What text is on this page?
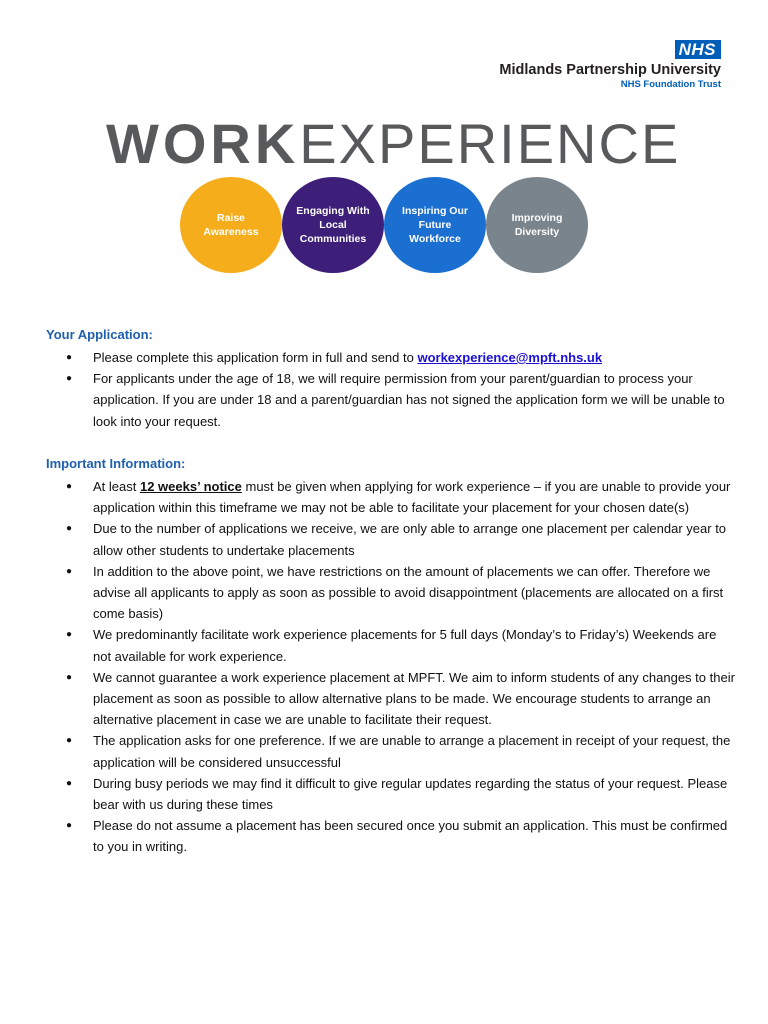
NHS
Midlands Partnership University
NHS Foundation Trust
WORKEXPERIENCE
Raise Awareness
Engaging With Local Communities
Inspiring Our Future Workforce
Improving Diversity
Your Application:
● Please complete this application form in full and send to workexperience@mpft.nhs.uk
● For applicants under the age of 18, we will require permission from your parent/guardian to process your application. If you are under 18 and a parent/guardian has not signed the application form we will be unable to look into your request.
Important Information:
● At least 12 weeks’ notice must be given when applying for work experience – if you are unable to provide your application within this timeframe we may not be able to facilitate your placement for your chosen date(s)
● Due to the number of applications we receive, we are only able to arrange one placement per calendar year to allow other students to undertake placements
● In addition to the above point, we have restrictions on the amount of placements we can offer. Therefore we advise all applicants to apply as soon as possible to avoid disappointment (placements are allocated on a first come basis)
● We predominantly facilitate work experience placements for 5 full days (Monday’s to Friday’s) Weekends are not available for work experience.
● We cannot guarantee a work experience placement at MPFT. We aim to inform students of any changes to their placement as soon as possible to allow alternative plans to be made. We encourage students to arrange an alternative placement in case we are unable to facilitate their request.
● The application asks for one preference. If we are unable to arrange a placement in receipt of your request, the application will be considered unsuccessful
● During busy periods we may find it difficult to give regular updates regarding the status of your request. Please bear with us during these times
● Please do not assume a placement has been secured once you submit an application. This must be confirmed to you in writing.
